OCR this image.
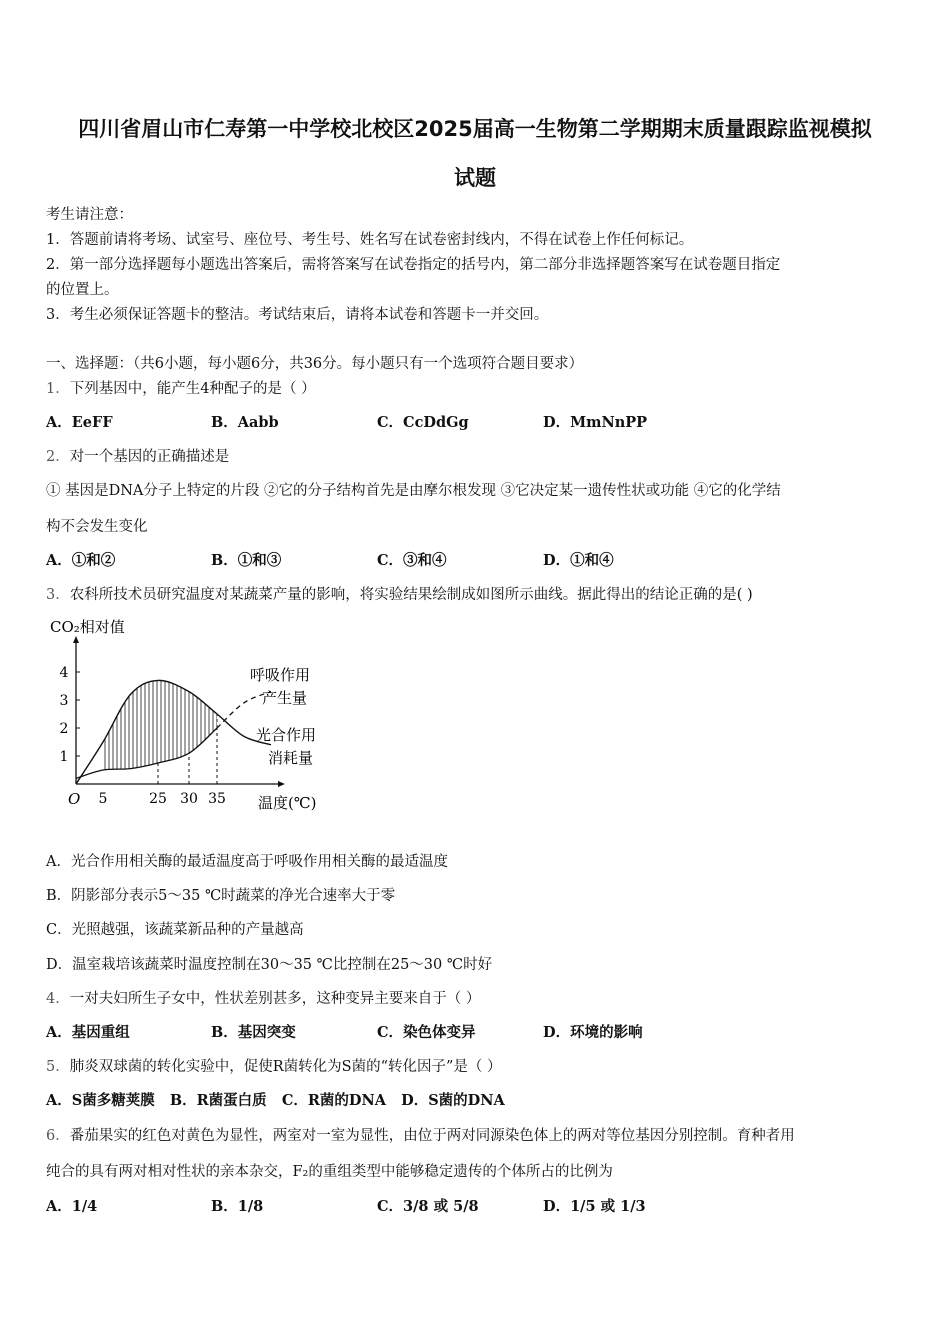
四川省眉山市仁寿第一中学校北校区2025届高一生物第二学期期末质量跟踪监视模拟
试题
考生请注意：
1．答题前请将考场、试室号、座位号、考生号、姓名写在试卷密封线内，不得在试卷上作任何标记。
2．第一部分选择题每小题选出答案后，需将答案写在试卷指定的括号内，第二部分非选择题答案写在试卷题目指定
的位置上。
3．考生必须保证答题卡的整洁。考试结束后，请将本试卷和答题卡一并交回。
一、选择题：（共6小题，每小题6分，共36分。每小题只有一个选项符合题目要求）
1．下列基因中，能产生4种配子的是（ ）
A．EeFF	B．Aabb	C．CcDdGg	D．MmNnPP
2．对一个基因的正确描述是
① 基因是DNA分子上特定的片段 ②它的分子结构首先是由摩尔根发现 ③它决定某一遗传性状或功能 ④它的化学结
构不会发生变化
A．①和②	B．①和③	C．③和④	D．①和④
3．农科所技术员研究温度对某蔬菜产量的影响，将实验结果绘制成如图所示曲线。据此得出的结论正确的是( )
1
2
3
4
5	25 30 35
CO₂相对值
O	温度(℃)
呼吸作用
产生量
光合作用
消耗量
A．光合作用相关酶的最适温度高于呼吸作用相关酶的最适温度
B．阴影部分表示5～35 ℃时蔬菜的净光合速率大于零
C．光照越强，该蔬菜新品种的产量越高
D．温室栽培该蔬菜时温度控制在30～35 ℃比控制在25～30 ℃时好
4．一对夫妇所生子女中，性状差别甚多，这种变异主要来自于（ ）
A．基因重组	B．基因突变	C．染色体变异	D．环境的影响
5．肺炎双球菌的转化实验中，促使R菌转化为S菌的“转化因子”是（ ）
A．S菌多糖荚膜   B．R菌蛋白质   C．R菌的DNA   D．S菌的DNA
6．番茄果实的红色对黄色为显性，两室对一室为显性，由位于两对同源染色体上的两对等位基因分别控制。育种者用
纯合的具有两对相对性状的亲本杂交，F₂的重组类型中能够稳定遗传的个体所占的比例为
A．1/4	B．1/8	C．3/8 或 5/8	D．1/5 或 1/3
